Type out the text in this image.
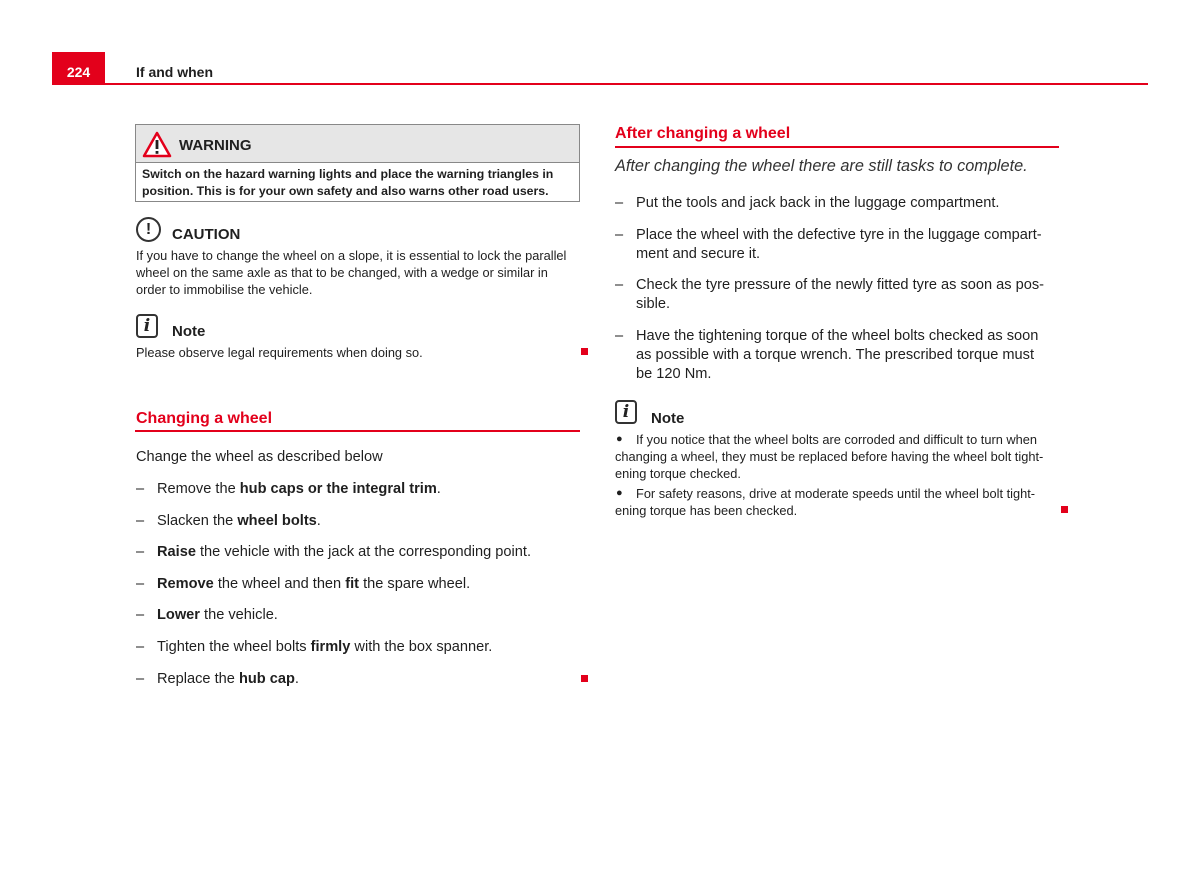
224	If and when
WARNING
Switch on the hazard warning lights and place the warning triangles in position. This is for your own safety and also warns other road users.
!	CAUTION
If you have to change the wheel on a slope, it is essential to lock the parallel
wheel on the same axle as that to be changed, with a wedge or similar in
order to immobilise the vehicle.
i	Note
Please observe legal requirements when doing so.
Changing a wheel
Change the wheel as described below
– Remove the hub caps or the integral trim.
– Slacken the wheel bolts.
– Raise the vehicle with the jack at the corresponding point.
– Remove the wheel and then fit the spare wheel.
– Lower the vehicle.
– Tighten the wheel bolts firmly with the box spanner.
– Replace the hub cap.
After changing a wheel
After changing the wheel there are still tasks to complete.
– Put the tools and jack back in the luggage compartment.
– Place the wheel with the defective tyre in the luggage compart-
ment and secure it.
– Check the tyre pressure of the newly fitted tyre as soon as pos-
sible.
– Have the tightening torque of the wheel bolts checked as soon
as possible with a torque wrench. The prescribed torque must
be 120 Nm.
i	Note
● If you notice that the wheel bolts are corroded and difficult to turn when
changing a wheel, they must be replaced before having the wheel bolt tight-
ening torque checked.
● For safety reasons, drive at moderate speeds until the wheel bolt tight-
ening torque has been checked.
